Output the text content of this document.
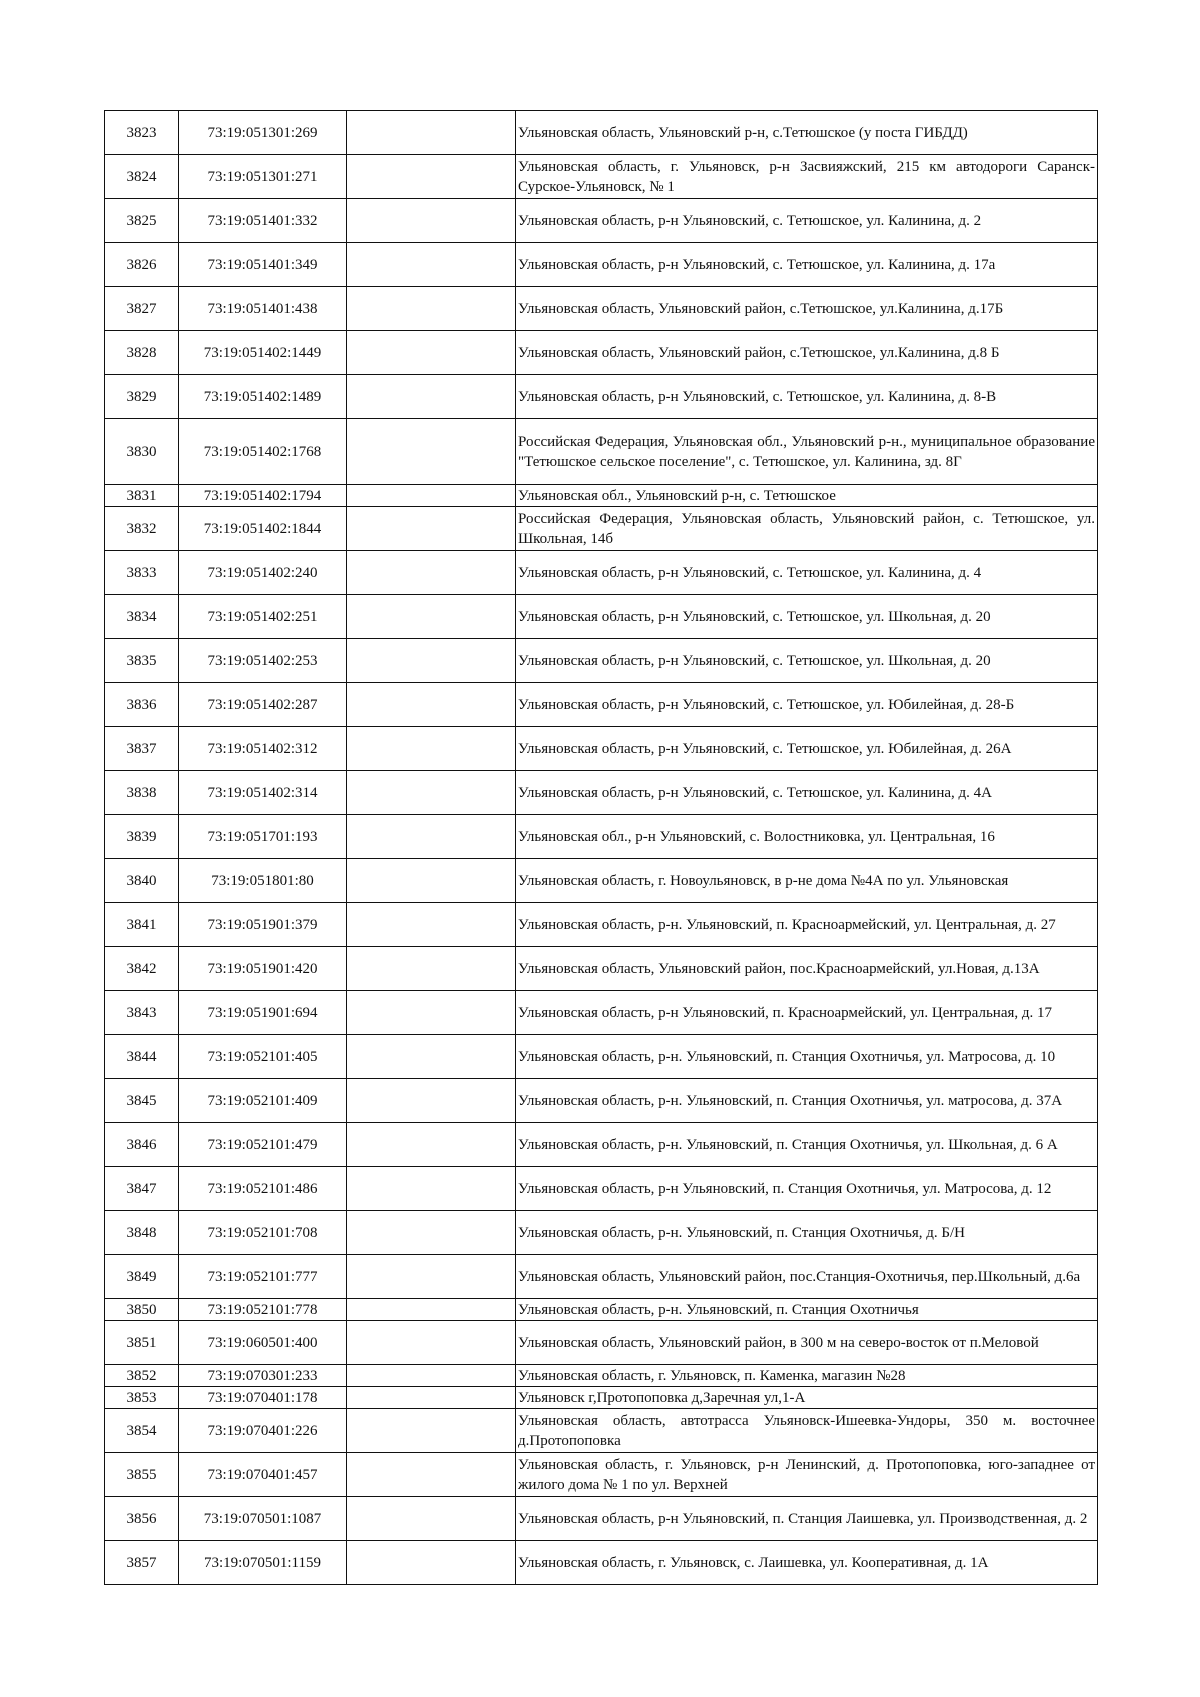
3823	73:19:051301:269		Ульяновская область, Ульяновский р-н, с.Тетюшское (у поста ГИБДД)
3824	73:19:051301:271		Ульяновская область, г. Ульяновск, р-н Засвияжский, 215 км автодороги Саранск-Сурское-Ульяновск, № 1
3825	73:19:051401:332		Ульяновская область, р-н Ульяновский, с. Тетюшское, ул. Калинина, д. 2
3826	73:19:051401:349		Ульяновская область, р-н Ульяновский, с. Тетюшское, ул. Калинина, д. 17а
3827	73:19:051401:438		Ульяновская область, Ульяновский район, с.Тетюшское, ул.Калинина, д.17Б
3828	73:19:051402:1449		Ульяновская область, Ульяновский район, с.Тетюшское, ул.Калинина, д.8 Б
3829	73:19:051402:1489		Ульяновская область, р-н Ульяновский, с. Тетюшское, ул. Калинина, д. 8-В
3830	73:19:051402:1768		Российская Федерация, Ульяновская обл., Ульяновский р-н., муниципальное образование "Тетюшское сельское поселение", с. Тетюшское, ул. Калинина, зд. 8Г
3831	73:19:051402:1794		Ульяновская обл., Ульяновский р-н, с. Тетюшское
3832	73:19:051402:1844		Российская Федерация, Ульяновская область, Ульяновский район, с. Тетюшское, ул. Школьная, 14б
3833	73:19:051402:240		Ульяновская область, р-н Ульяновский, с. Тетюшское, ул. Калинина, д. 4
3834	73:19:051402:251		Ульяновская область, р-н Ульяновский, с. Тетюшское, ул. Школьная, д. 20
3835	73:19:051402:253		Ульяновская область, р-н Ульяновский, с. Тетюшское, ул. Школьная, д. 20
3836	73:19:051402:287		Ульяновская область, р-н Ульяновский, с. Тетюшское, ул. Юбилейная, д. 28-Б
3837	73:19:051402:312		Ульяновская область, р-н Ульяновский, с. Тетюшское, ул. Юбилейная, д. 26А
3838	73:19:051402:314		Ульяновская область, р-н Ульяновский, с. Тетюшское, ул. Калинина, д. 4А
3839	73:19:051701:193		Ульяновская обл., р-н Ульяновский, с. Волостниковка, ул. Центральная, 16
3840	73:19:051801:80		Ульяновская область, г. Новоульяновск, в р-не дома №4А по ул. Ульяновская
3841	73:19:051901:379		Ульяновская область, р-н. Ульяновский, п. Красноармейский, ул. Центральная, д. 27
3842	73:19:051901:420		Ульяновская область, Ульяновский район, пос.Красноармейский, ул.Новая, д.13А
3843	73:19:051901:694		Ульяновская область, р-н Ульяновский, п. Красноармейский, ул. Центральная, д. 17
3844	73:19:052101:405		Ульяновская область, р-н. Ульяновский, п. Станция Охотничья, ул. Матросова, д. 10
3845	73:19:052101:409		Ульяновская область, р-н. Ульяновский, п. Станция Охотничья, ул. матросова, д. 37А
3846	73:19:052101:479		Ульяновская область, р-н. Ульяновский, п. Станция Охотничья, ул. Школьная, д. 6 А
3847	73:19:052101:486		Ульяновская область, р-н Ульяновский, п. Станция Охотничья, ул. Матросова, д. 12
3848	73:19:052101:708		Ульяновская область, р-н. Ульяновский, п. Станция Охотничья, д. Б/Н
3849	73:19:052101:777		Ульяновская область, Ульяновский район, пос.Станция-Охотничья, пер.Школьный, д.6а
3850	73:19:052101:778		Ульяновская область, р-н. Ульяновский, п. Станция Охотничья
3851	73:19:060501:400		Ульяновская область, Ульяновский район, в 300 м на северо-восток от п.Меловой
3852	73:19:070301:233		Ульяновская область, г. Ульяновск, п. Каменка, магазин №28
3853	73:19:070401:178		Ульяновск г,Протопоповка д,Заречная ул,1-А
3854	73:19:070401:226		Ульяновская область, автотрасса Ульяновск-Ишеевка-Ундоры, 350 м. восточнее д.Протопоповка
3855	73:19:070401:457		Ульяновская область, г. Ульяновск, р-н Ленинский, д. Протопоповка, юго-западнее от жилого дома № 1 по ул. Верхней
3856	73:19:070501:1087		Ульяновская область, р-н Ульяновский, п. Станция Лаишевка, ул. Производственная, д. 2
3857	73:19:070501:1159		Ульяновская область, г. Ульяновск, с. Лаишевка, ул. Кооперативная, д. 1А
